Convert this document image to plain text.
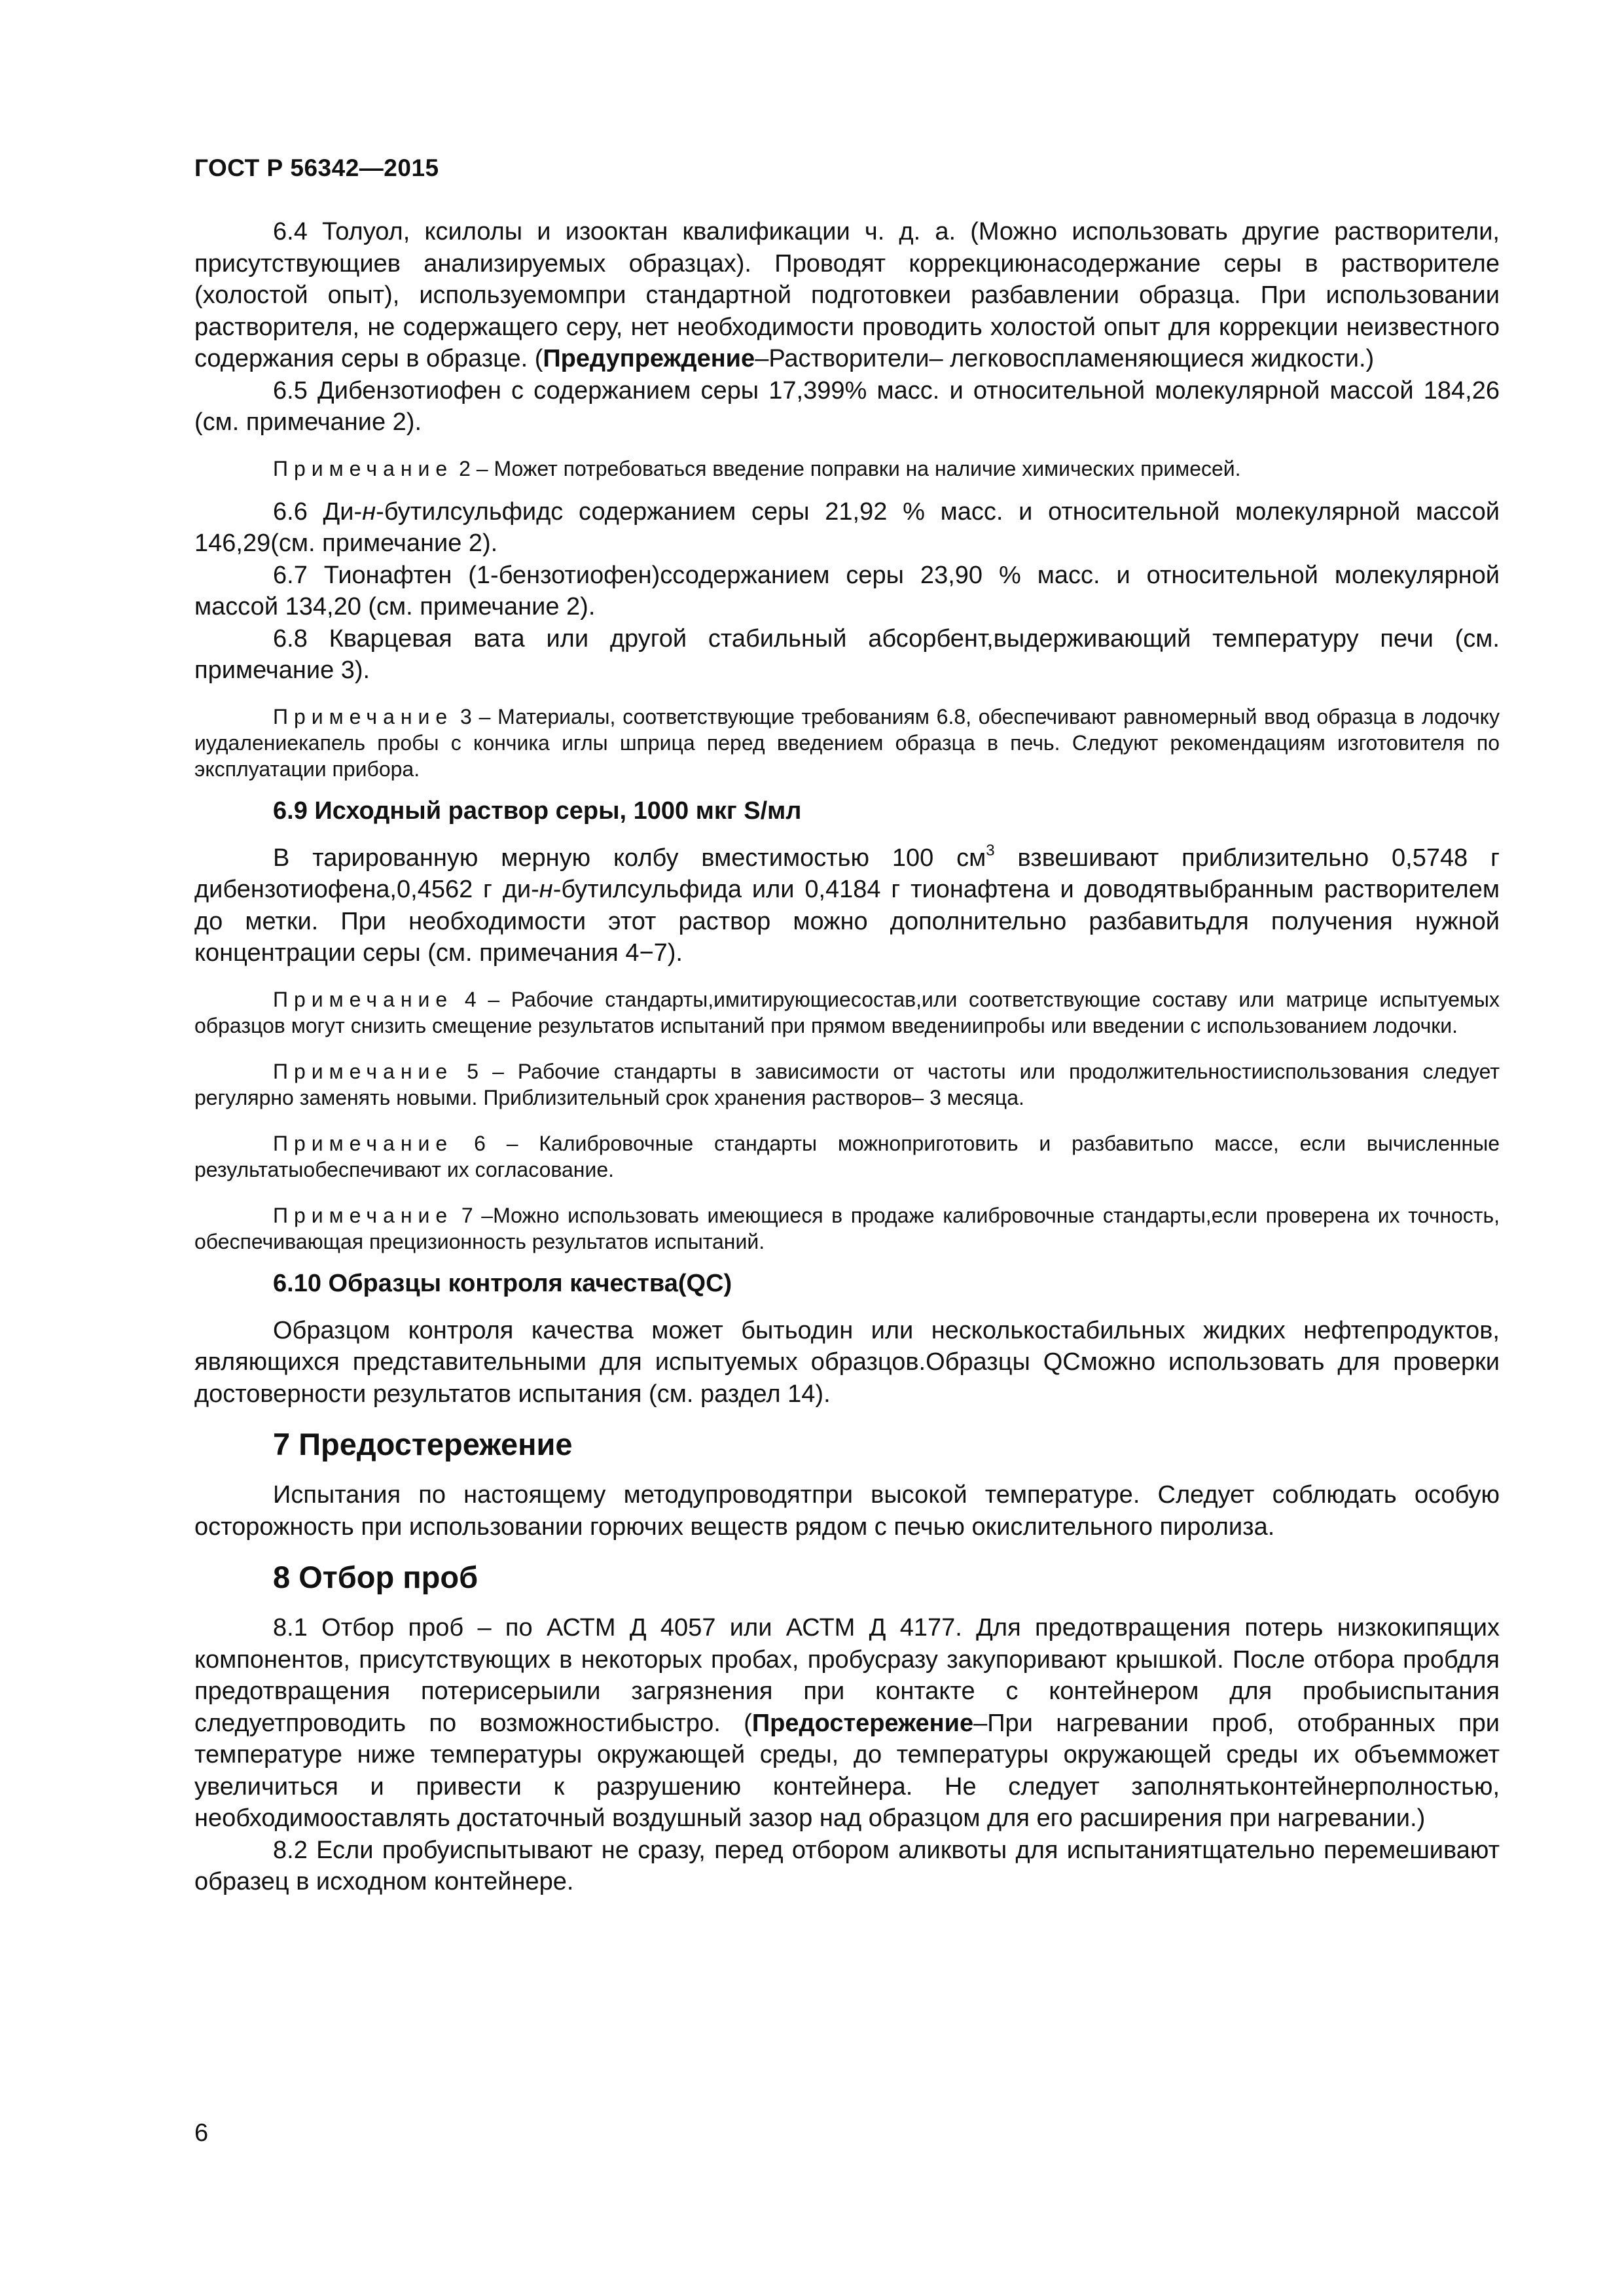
ГОСТ Р 56342—2015

6.4 Толуол, ксилолы и изооктан квалификации ч. д. а. (Можно использовать другие растворители, присутствующиев анализируемых образцах). Проводят коррекциюнасодержание серы в растворителе (холостой опыт), используемомпри стандартной подготовкеи разбавлении образца. При использовании растворителя, не содержащего серу, нет необходимости проводить холостой опыт для коррекции неизвестного содержания серы в образце. (Предупреждение–Растворители– легковоспламеняющиеся жидкости.)

6.5 Дибензотиофен с содержанием серы 17,399% масс. и относительной молекулярной массой 184,26 (см. примечание 2).

Примечание 2 – Может потребоваться введение поправки на наличие химических примесей.

6.6 Ди-н-бутилсульфидс содержанием серы 21,92 % масс. и относительной молекулярной массой 146,29(см. примечание 2).

6.7 Тионафтен (1-бензотиофен)ссодержанием серы 23,90 % масс. и относительной молекулярной массой 134,20 (см. примечание 2).

6.8 Кварцевая вата или другой стабильный абсорбент,выдерживающий температуру печи (см. примечание 3).

Примечание 3 – Материалы, соответствующие требованиям 6.8, обеспечивают равномерный ввод образца в лодочку иудалениекапель пробы с кончика иглы шприца перед введением образца в печь. Следуют рекомендациям изготовителя по эксплуатации прибора.

6.9 Исходный раствор серы, 1000 мкг S/мл

В тарированную мерную колбу вместимостью 100 $см^3$ взвешивают приблизительно 0,5748 г дибензотиофена,0,4562 г ди-н-бутилсульфида или 0,4184 г тионафтена и доводятвыбранным растворителем до метки. При необходимости этот раствор можно дополнительно разбавитьдля получения нужной концентрации серы (см. примечания 4−7).

Примечание 4 – Рабочие стандарты,имитирующиесостав,или соответствующие составу или матрице испытуемых образцов могут снизить смещение результатов испытаний при прямом введениипробы или введении с использованием лодочки.

Примечание 5 – Рабочие стандарты в зависимости от частоты или продолжительностииспользования следует регулярно заменять новыми. Приблизительный срок хранения растворов– 3 месяца.

Примечание 6 – Калибровочные стандарты можноприготовить и разбавитьпо массе, если вычисленные результатыобеспечивают их согласование.

Примечание 7 –Можно использовать имеющиеся в продаже калибровочные стандарты,если проверена их точность, обеспечивающая прецизионность результатов испытаний.

6.10 Образцы контроля качества(QC)

Образцом контроля качества может бытьодин или несколькостабильных жидких нефтепродуктов, являющихся представительными для испытуемых образцов.Образцы QCможно использовать для проверки достоверности результатов испытания (см. раздел 14).

7 Предостережение

Испытания по настоящему методупроводятпри высокой температуре. Следует соблюдать особую осторожность при использовании горючих веществ рядом с печью окислительного пиролиза.

8 Отбор проб

8.1 Отбор проб – по АСТМ Д 4057 или АСТМ Д 4177. Для предотвращения потерь низкокипящих компонентов, присутствующих в некоторых пробах, пробусразу закупоривают крышкой. После отбора пробдля предотвращения потерисерыили загрязнения при контакте с контейнером для пробыиспытания следуетпроводить по возможностибыстро. (Предостережение–При нагревании проб, отобранных при температуре ниже температуры окружающей среды, до температуры окружающей среды их объемможет увеличиться и привести к разрушению контейнера. Не следует заполнятьконтейнерполностью, необходимооставлять достаточный воздушный зазор над образцом для его расширения при нагревании.)

8.2 Если пробуиспытывают не сразу, перед отбором аликвоты для испытаниятщательно перемешивают образец в исходном контейнере.

6
